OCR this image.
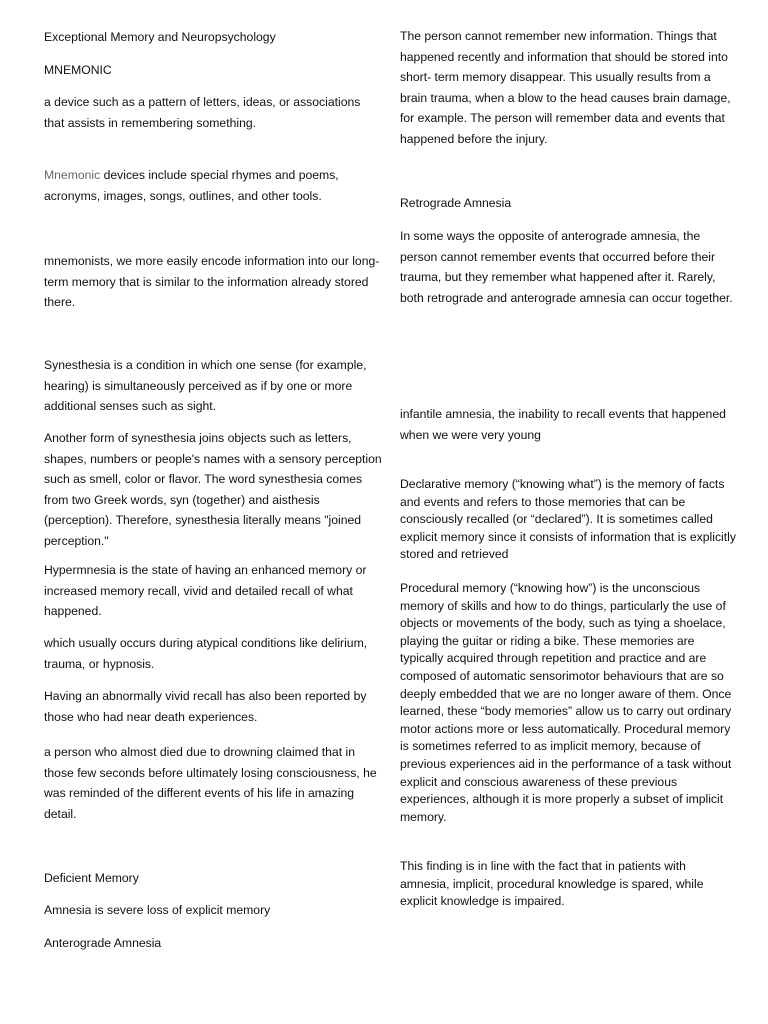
Exceptional Memory and Neuropsychology

MNEMONIC

a device such as a pattern of letters, ideas, or associations that assists in remembering something.

Mnemonic devices include special rhymes and poems, acronyms, images, songs, outlines, and other tools.

mnemonists, we more easily encode information into our long-term memory that is similar to the information already stored there.

Synesthesia is a condition in which one sense (for example, hearing) is simultaneously perceived as if by one or more additional senses such as sight.

Another form of synesthesia joins objects such as letters, shapes, numbers or people's names with a sensory perception such as smell, color or flavor. The word synesthesia comes from two Greek words, syn (together) and aisthesis (perception). Therefore, synesthesia literally means "joined perception."

Hypermnesia is the state of having an enhanced memory or increased memory recall, vivid and detailed recall of what happened.

which usually occurs during atypical conditions like delirium, trauma, or hypnosis.

Having an abnormally vivid recall has also been reported by those who had near death experiences.

a person who almost died due to drowning claimed that in those few seconds before ultimately losing consciousness, he was reminded of the different events of his life in amazing detail.

Deficient Memory

Amnesia is severe loss of explicit memory

Anterograde Amnesia

The person cannot remember new information. Things that happened recently and information that should be stored into short- term memory disappear. This usually results from a brain trauma, when a blow to the head causes brain damage, for example. The person will remember data and events that happened before the injury.

Retrograde Amnesia

In some ways the opposite of anterograde amnesia, the person cannot remember events that occurred before their trauma, but they remember what happened after it. Rarely, both retrograde and anterograde amnesia can occur together.

infantile amnesia, the inability to recall events that happened when we were very young

Declarative memory (“knowing what”) is the memory of facts and events and refers to those memories that can be consciously recalled (or “declared”). It is sometimes called explicit memory since it consists of information that is explicitly stored and retrieved

Procedural memory (“knowing how”) is the unconscious memory of skills and how to do things, particularly the use of objects or movements of the body, such as tying a shoelace, playing the guitar or riding a bike. These memories are typically acquired through repetition and practice and are composed of automatic sensorimotor behaviours that are so deeply embedded that we are no longer aware of them. Once learned, these “body memories” allow us to carry out ordinary motor actions more or less automatically. Procedural memory is sometimes referred to as implicit memory, because of previous experiences aid in the performance of a task without explicit and conscious awareness of these previous experiences, although it is more properly a subset of implicit memory.

This finding is in line with the fact that in patients with amnesia, implicit, procedural knowledge is spared, while explicit knowledge is impaired.
